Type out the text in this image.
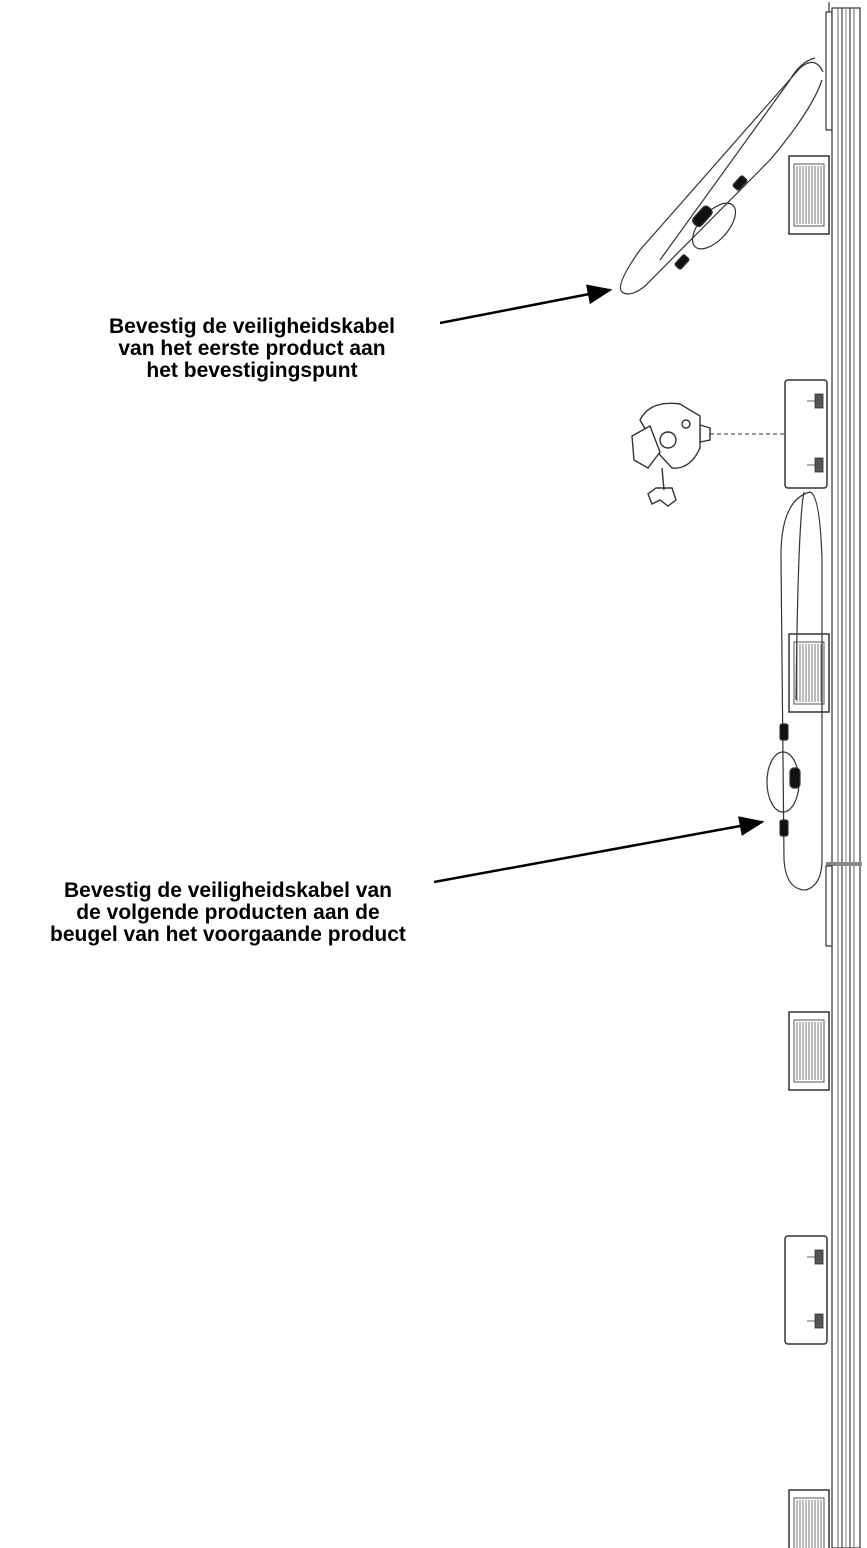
Bevestig de veiligheidskabel
van het eerste product aan
het bevestigingspunt
Bevestig de veiligheidskabel van
de volgende producten aan de
beugel van het voorgaande product
